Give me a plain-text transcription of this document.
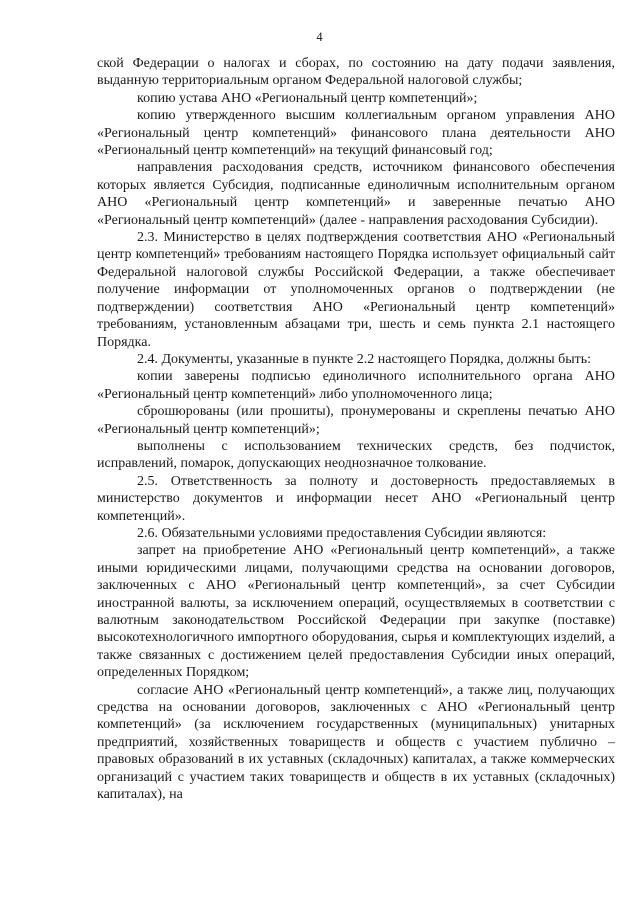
4

ской Федерации о налогах и сборах, по состоянию на дату подачи заявления, выданную территориальным органом Федеральной налоговой службы;

копию устава АНО «Региональный центр компетенций»;

копию утвержденного высшим коллегиальным органом управления АНО «Региональный центр компетенций» финансового плана деятельности АНО «Региональный центр компетенций» на текущий финансовый год;

направления расходования средств, источником финансового обеспечения которых является Субсидия, подписанные единоличным исполнительным органом АНО «Региональный центр компетенций» и заверенные печатью АНО «Региональный центр компетенций» (далее - направления расходования Субсидии).

2.3. Министерство в целях подтверждения соответствия АНО «Региональный центр компетенций» требованиям настоящего Порядка использует официальный сайт Федеральной налоговой службы Российской Федерации, а также обеспечивает получение информации от уполномоченных органов о подтверждении (не подтверждении) соответствия АНО «Региональный центр компетенций» требованиям, установленным абзацами три, шесть и семь пункта 2.1 настоящего Порядка.

2.4. Документы, указанные в пункте 2.2 настоящего Порядка, должны быть:

копии заверены подписью единоличного исполнительного органа АНО «Региональный центр компетенций» либо уполномоченного лица;

сброшюрованы (или прошиты), пронумерованы и скреплены печатью АНО «Региональный центр компетенций»;

выполнены с использованием технических средств, без подчисток, исправлений, помарок, допускающих неоднозначное толкование.

2.5. Ответственность за полноту и достоверность предоставляемых в министерство документов и информации несет АНО «Региональный центр компетенций».

2.6. Обязательными условиями предоставления Субсидии являются:

запрет на приобретение АНО «Региональный центр компетенций», а также иными юридическими лицами, получающими средства на основании договоров, заключенных с АНО «Региональный центр компетенций», за счет Субсидии иностранной валюты, за исключением операций, осуществляемых в соответствии с валютным законодательством Российской Федерации при закупке (поставке) высокотехнологичного импортного оборудования, сырья и комплектующих изделий, а также связанных с достижением целей предоставления Субсидии иных операций, определенных Порядком;

согласие АНО «Региональный центр компетенций», а также лиц, получающих средства на основании договоров, заключенных с АНО «Региональный центр компетенций» (за исключением государственных (муниципальных) унитарных предприятий, хозяйственных товариществ и обществ с участием публично – правовых образований в их уставных (складочных) капиталах, а также коммерческих организаций с участием таких товариществ и обществ в их уставных (складочных) капиталах), на
